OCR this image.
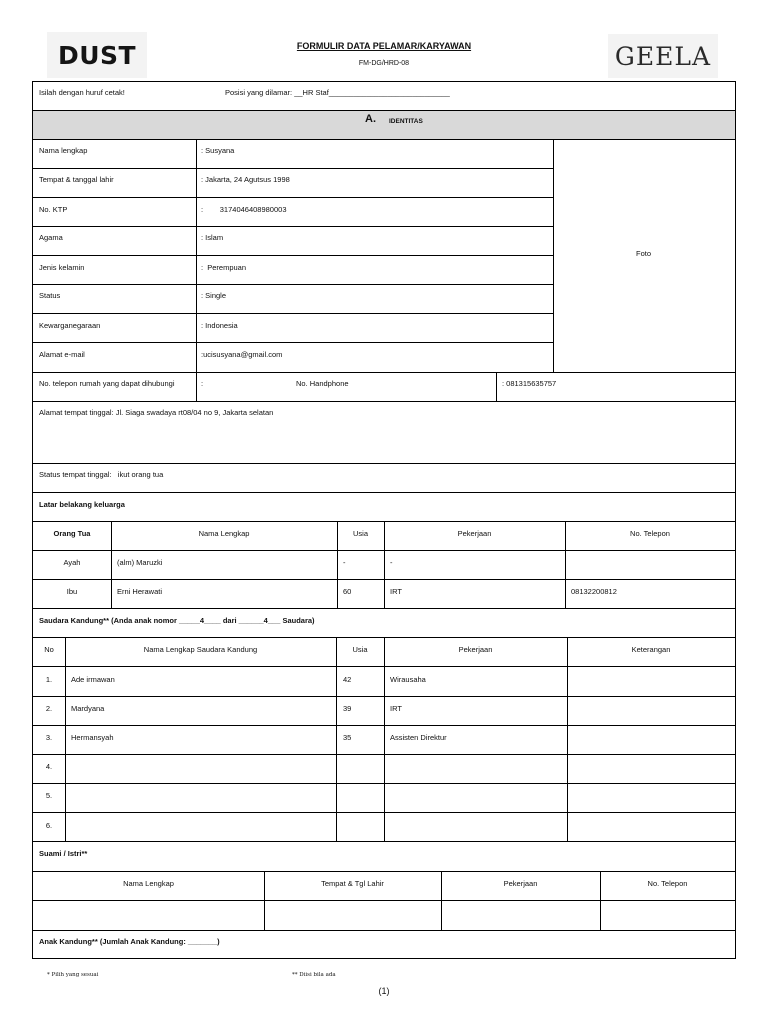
DUST	GEELA
FORMULIR DATA PELAMAR/KARYAWAN
FM-DG/HRD-08
Isilah dengan huruf cetak!	Posisi yang dilamar: __HR Staf_____________________________
A. IDENTITAS
Nama lengkap	: Susyana
Tempat & tanggal lahir	: Jakarta, 24 Agutsus 1998
No. KTP	:        3174046408980003
Agama	: Islam
Jenis kelamin	:  Perempuan
Status	: Single
Kewarganegaraan	: Indonesia
Alamat e-mail	:ucisusyana@gmail.com
Foto
No. telepon rumah yang dapat dihubungi	:	No. Handphone	: 081315635757
Alamat tempat tinggal: Jl. Siaga swadaya rt08/04 no 9, Jakarta selatan
Status tempat tinggal:   ikut orang tua
Latar belakang keluarga
Orang Tua	Nama Lengkap	Usia	Pekerjaan	No. Telepon
Ayah	(alm) Maruzki	-	-
Ibu	Erni Herawati	60	IRT	08132200812
Saudara Kandung** (Anda anak nomor _____4____ dari ______4___ Saudara)
No	Nama Lengkap Saudara Kandung	Usia	Pekerjaan	Keterangan
1.	Ade irmawan	42	Wirausaha
2.	Mardyana	39	IRT
3.	Hermansyah	35	Assisten Direktur
4.
5.
6.
Suami / Istri**
Nama Lengkap	Tempat & Tgl Lahir	Pekerjaan	No. Telepon
Anak Kandung** (Jumlah Anak Kandung: _______)
* Pilih yang sesuai	** Diisi bila ada
(1)
